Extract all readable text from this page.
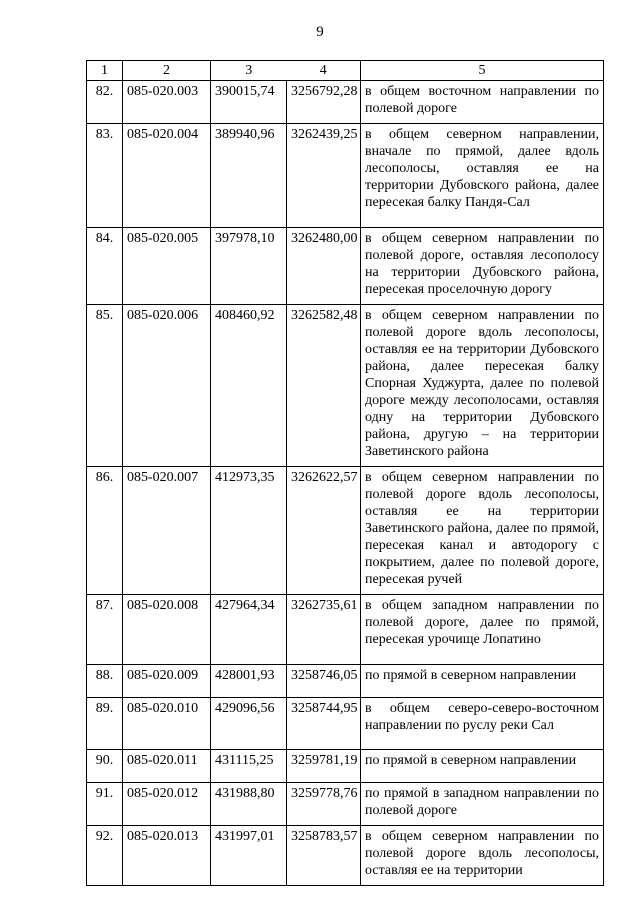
9
1	2	3	4	5
82.	085-020.003	390015,74	3256792,28	в общем восточном направлении по полевой дороге
83.	085-020.004	389940,96	3262439,25	в общем северном направлении, вначале по прямой, далее вдоль лесополосы, оставляя ее на территории Дубовского района, далее пересекая балку Пандя-Сал
84.	085-020.005	397978,10	3262480,00	в общем северном направлении по полевой дороге, оставляя лесополосу на территории Дубовского района, пересекая проселочную дорогу
85.	085-020.006	408460,92	3262582,48	в общем северном направлении по полевой дороге вдоль лесополосы, оставляя ее на территории Дубовского района, далее пересекая балку Спорная Худжурта, далее по полевой дороге между лесополосами, оставляя одну на территории Дубовского района, другую – на территории Заветинского района
86.	085-020.007	412973,35	3262622,57	в общем северном направлении по полевой дороге вдоль лесополосы, оставляя ее на территории Заветинского района, далее по прямой, пересекая канал и автодорогу с покрытием, далее по полевой дороге, пересекая ручей
87.	085-020.008	427964,34	3262735,61	в общем западном направлении по полевой дороге, далее по прямой, пересекая урочище Лопатино
88.	085-020.009	428001,93	3258746,05	по прямой в северном направлении
89.	085-020.010	429096,56	3258744,95	в общем северо-северо-восточном направлении по руслу реки Сал
90.	085-020.011	431115,25	3259781,19	по прямой в северном направлении
91.	085-020.012	431988,80	3259778,76	по прямой в западном направлении по полевой дороге
92.	085-020.013	431997,01	3258783,57	в общем северном направлении по полевой дороге вдоль лесополосы, оставляя ее на территории
